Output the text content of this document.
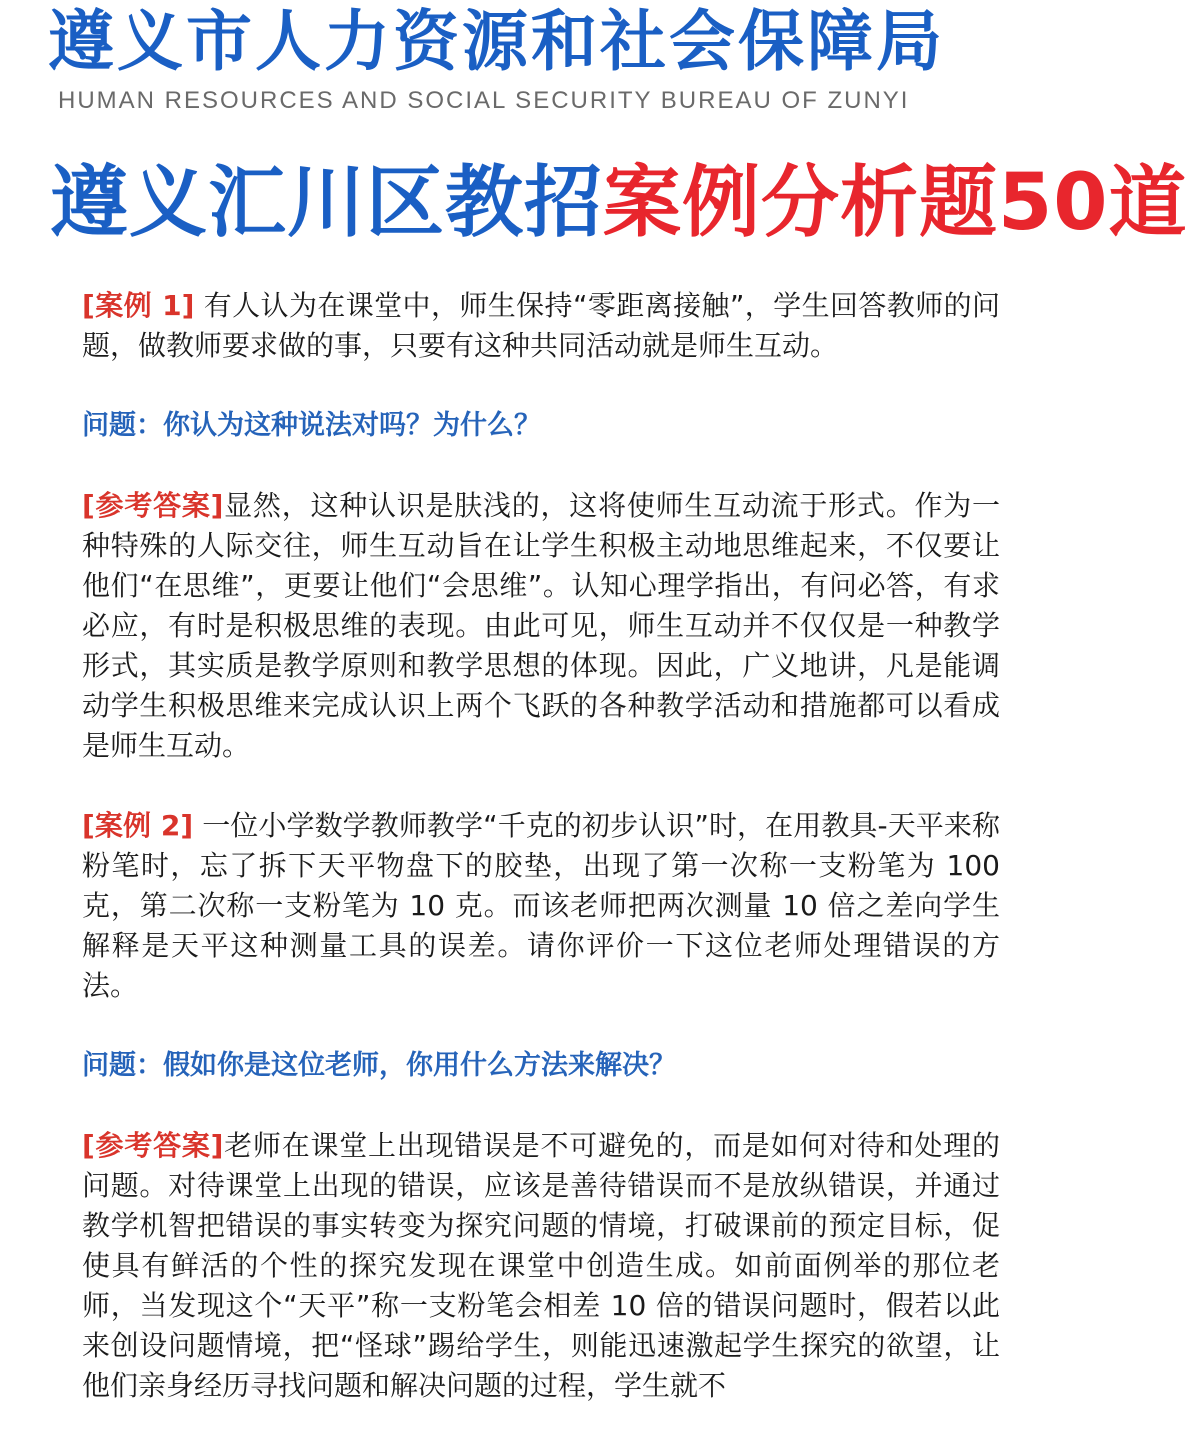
遵义市人力资源和社会保障局
HUMAN RESOURCES AND SOCIAL SECURITY BUREAU OF ZUNYI
遵义汇川区教招案例分析题50道

[案例 1] 有人认为在课堂中，师生保持“零距离接触”，学生回答教师的问题，做教师要求做的事，只要有这种共同活动就是师生互动。

问题：你认为这种说法对吗？为什么？

[参考答案]显然，这种认识是肤浅的，这将使师生互动流于形式。作为一种特殊的人际交往，师生互动旨在让学生积极主动地思维起来，不仅要让他们“在思维”，更要让他们“会思维”。认知心理学指出，有问必答，有求必应，有时是积极思维的表现。由此可见，师生互动并不仅仅是一种教学形式，其实质是教学原则和教学思想的体现。因此，广义地讲，凡是能调动学生积极思维来完成认识上两个飞跃的各种教学活动和措施都可以看成是师生互动。

[案例 2] 一位小学数学教师教学“千克的初步认识”时，在用教具-天平来称粉笔时，忘了拆下天平物盘下的胶垫，出现了第一次称一支粉笔为 100 克，第二次称一支粉笔为 10 克。而该老师把两次测量 10 倍之差向学生解释是天平这种测量工具的误差。请你评价一下这位老师处理错误的方法。

问题：假如你是这位老师，你用什么方法来解决？

[参考答案]老师在课堂上出现错误是不可避免的，而是如何对待和处理的问题。对待课堂上出现的错误，应该是善待错误而不是放纵错误，并通过教学机智把错误的事实转变为探究问题的情境，打破课前的预定目标，促使具有鲜活的个性的探究发现在课堂中创造生成。如前面例举的那位老师，当发现这个“天平”称一支粉笔会相差 10 倍的错误问题时，假若以此来创设问题情境，把“怪球”踢给学生，则能迅速激起学生探究的欲望，让他们亲身经历寻找问题和解决问题的过程，学生就不
